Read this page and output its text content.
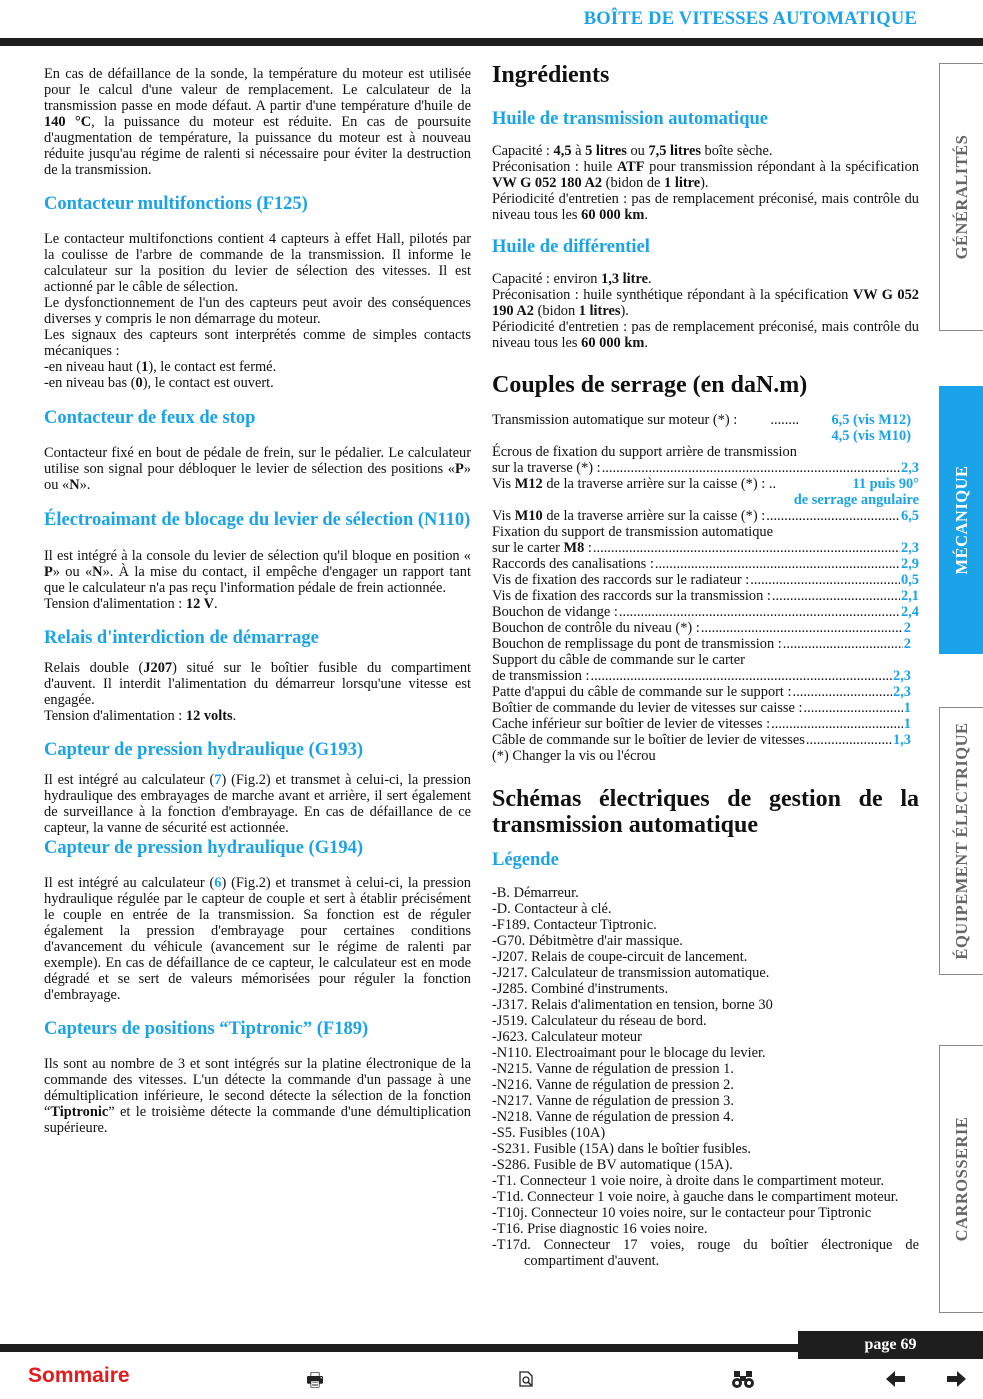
BOÎTE DE VITESSES AUTOMATIQUE

En cas de défaillance de la sonde, la température du moteur est utilisée pour le calcul d'une valeur de remplacement. Le calculateur de la transmission passe en mode défaut. A partir d'une température d'huile de 140 °C, la puissance du moteur est réduite. En cas de poursuite d'augmentation de température, la puissance du moteur est à nouveau réduite jusqu'au régime de ralenti si nécessaire pour éviter la destruction de la transmission.

Contacteur multifonctions (F125)

Le contacteur multifonctions contient 4 capteurs à effet Hall, pilotés par la coulisse de l'arbre de commande de la transmission. Il informe le calculateur sur la position du levier de sélection des vitesses. Il est actionné par le câble de sélection.

Le dysfonctionnement de l'un des capteurs peut avoir des conséquences diverses y compris le non démarrage du moteur.

Les signaux des capteurs sont interprétés comme de simples contacts mécaniques :

-en niveau haut (1), le contact est fermé.

-en niveau bas (0), le contact est ouvert.

Contacteur de feux de stop

Contacteur fixé en bout de pédale de frein, sur le pédalier. Le calculateur utilise son signal pour débloquer le levier de sélection des positions «P» ou «N».

Électroaimant de blocage du levier de sélection (N110)

Il est intégré à la console du levier de sélection qu'il bloque en position « P» ou «N». À la mise du contact, il empêche d'engager un rapport tant que le calculateur n'a pas reçu l'information pédale de frein actionnée.

Tension d'alimentation : 12 V.

Relais d'interdiction de démarrage

Relais double (J207) situé sur le boîtier fusible du compartiment d'auvent. Il interdit l'alimentation du démarreur lorsqu'une vitesse est engagée.

Tension d'alimentation : 12 volts.

Capteur de pression hydraulique (G193)

Il est intégré au calculateur (7) (Fig.2) et transmet à celui-ci, la pression hydraulique des embrayages de marche avant et arrière, il sert également de surveillance à la fonction d'embrayage. En cas de défaillance de ce capteur, la vanne de sécurité est actionnée.

Capteur de pression hydraulique (G194)

Il est intégré au calculateur (6) (Fig.2) et transmet à celui-ci, la pression hydraulique régulée par le capteur de couple et sert à établir précisément le couple en entrée de la transmission. Sa fonction est de réguler également la pression d'embrayage pour certaines conditions d'avancement du véhicule (avancement sur le régime de ralenti par exemple). En cas de défaillance de ce capteur, le calculateur est en mode dégradé et se sert de valeurs mémorisées pour réguler la fonction d'embrayage.

Capteurs de positions “Tiptronic” (F189)

Ils sont au nombre de 3 et sont intégrés sur la platine électronique de la commande des vitesses. L'un détecte la commande d'un passage à une démultiplication inférieure, le second détecte la sélection de la fonction “Tiptronic” et le troisième détecte la commande d'une démultiplication supérieure.

Ingrédients
Huile de transmission automatique

Capacité : 4,5 à 5 litres ou 7,5 litres boîte sèche.

Préconisation : huile ATF pour transmission répondant à la spécification VW G 052 180 A2 (bidon de 1 litre).

Périodicité d'entretien : pas de remplacement préconisé, mais contrôle du niveau tous les 60 000 km.

Huile de différentiel

Capacité : environ 1,3 litre.

Préconisation : huile synthétique répondant à la spécification VW G 052 190 A2 (bidon 1 litres).

Périodicité d'entretien : pas de remplacement préconisé, mais contrôle du niveau tous les 60 000 km.

Couples de serrage (en daN.m)
Transmission automatique sur moteur (*) : .....	6,5 (vis M12)
4,5 (vis M10)
Écrous de fixation du support arrière de transmission
sur la traverse (*) : .....	2,3
Vis M12 de la traverse arrière sur la caisse (*) : ..	11 puis 90°
de serrage angulaire
Vis M10 de la traverse arrière sur la caisse (*) : .....	6,5
Fixation du support de transmission automatique
sur le carter M8 : .....	2,3
Raccords des canalisations : .....	2,9
Vis de fixation des raccords sur le radiateur : .....	0,5
Vis de fixation des raccords sur la transmission : .....	2,1
Bouchon de vidange : .....	2,4
Bouchon de contrôle du niveau (*) : .....	2
Bouchon de remplissage du pont de transmission : .....	2
Support du câble de commande sur le carter
de transmission : .....	2,3
Patte d'appui du câble de commande sur le support : .....	2,3
Boîtier de commande du levier de vitesses sur caisse : .....	1
Cache inférieur sur boîtier de levier de vitesses : .....	1
Câble de commande sur le boîtier de levier de vitesses .....	1,3
(*) Changer la vis ou l'écrou
Schémas électriques de gestion de la transmission automatique
Légende
-B. Démarreur.
-D. Contacteur à clé.
-F189. Contacteur Tiptronic.
-G70. Débitmètre d'air massique.
-J207. Relais de coupe-circuit de lancement.
-J217. Calculateur de transmission automatique.
-J285. Combiné d'instruments.
-J317. Relais d'alimentation en tension, borne 30
-J519. Calculateur du réseau de bord.
-J623. Calculateur moteur
-N110. Electroaimant pour le blocage du levier.
-N215. Vanne de régulation de pression 1.
-N216. Vanne de régulation de pression 2.
-N217. Vanne de régulation de pression 3.
-N218. Vanne de régulation de pression 4.
-S5. Fusibles (10A)
-S231. Fusible (15A) dans le boîtier fusibles.
-S286. Fusible de BV automatique (15A).
-T1. Connecteur 1 voie noire, à droite dans le compartiment moteur.
-T1d. Connecteur 1 voie noire, à gauche dans le compartiment moteur.
-T10j. Connecteur 10 voies noire, sur le contacteur pour Tiptronic
-T16. Prise diagnostic 16 voies noire.
-T17d. Connecteur 17 voies, rouge du boîtier électronique de compartiment d'auvent.
GÉNÉRALITÉS
MÉCANIQUE
ÉQUIPEMENT ÉLECTRIQUE
CARROSSERIE
page 69
Sommaire	🖶
